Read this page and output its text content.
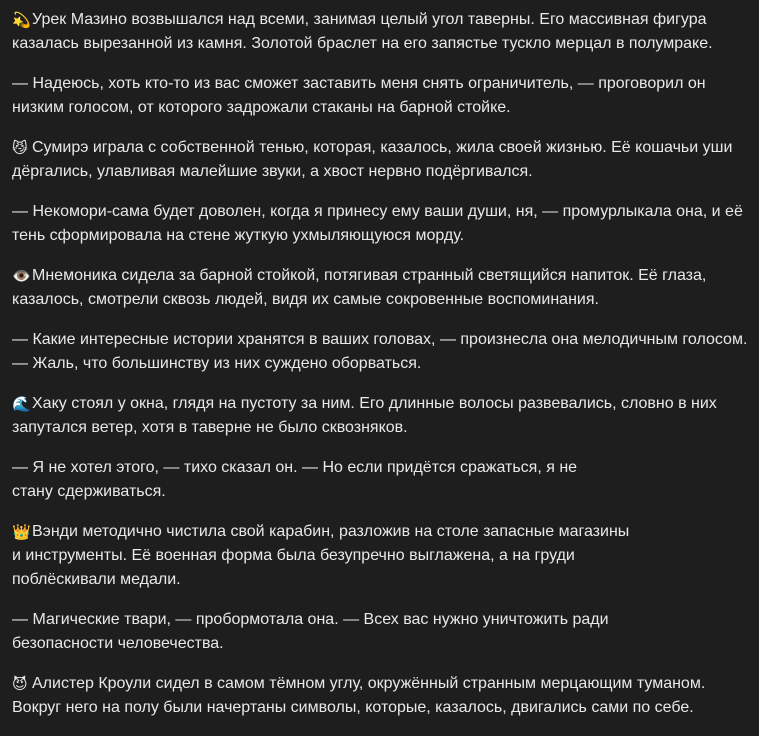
💫Урек Мазино возвышался над всеми, занимая целый угол таверны. Его массивная фигура казалась вырезанной из камня. Золотой браслет на его запястье тускло мерцал в полумраке.

— Надеюсь, хоть кто-то из вас сможет заставить меня снять ограничитель, — проговорил он низким голосом, от которого задрожали стаканы на барной стойке.

😼 Сумирэ играла с собственной тенью, которая, казалось, жила своей жизнью. Её кошачьи уши дёргались, улавливая малейшие звуки, а хвост нервно подёргивался.

— Некомори-сама будет доволен, когда я принесу ему ваши души, ня, — промурлыкала она, и её тень сформировала на стене жуткую ухмыляющуюся морду.

👁️Мнемоника сидела за барной стойкой, потягивая странный светящийся напиток. Её глаза, казалось, смотрели сквозь людей, видя их самые сокровенные воспоминания.

— Какие интересные истории хранятся в ваших головах, — произнесла она мелодичным голосом. — Жаль, что большинству из них суждено оборваться.

🌊Хаку стоял у окна, глядя на пустоту за ним. Его длинные волосы развевались, словно в них запутался ветер, хотя в таверне не было сквозняков.

— Я не хотел этого, — тихо сказал он. — Но если придётся сражаться, я не
стану сдерживаться.

👑Вэнди методично чистила свой карабин, разложив на столе запасные магазины
и инструменты. Её военная форма была безупречно выглажена, а на груди
поблёскивали медали.

— Магические твари, — пробормотала она. — Всех вас нужно уничтожить ради
безопасности человечества.

😈 Алистер Кроули сидел в самом тёмном углу, окружённый странным мерцающим туманом. Вокруг него на полу были начертаны символы, которые, казалось, двигались сами по себе.
